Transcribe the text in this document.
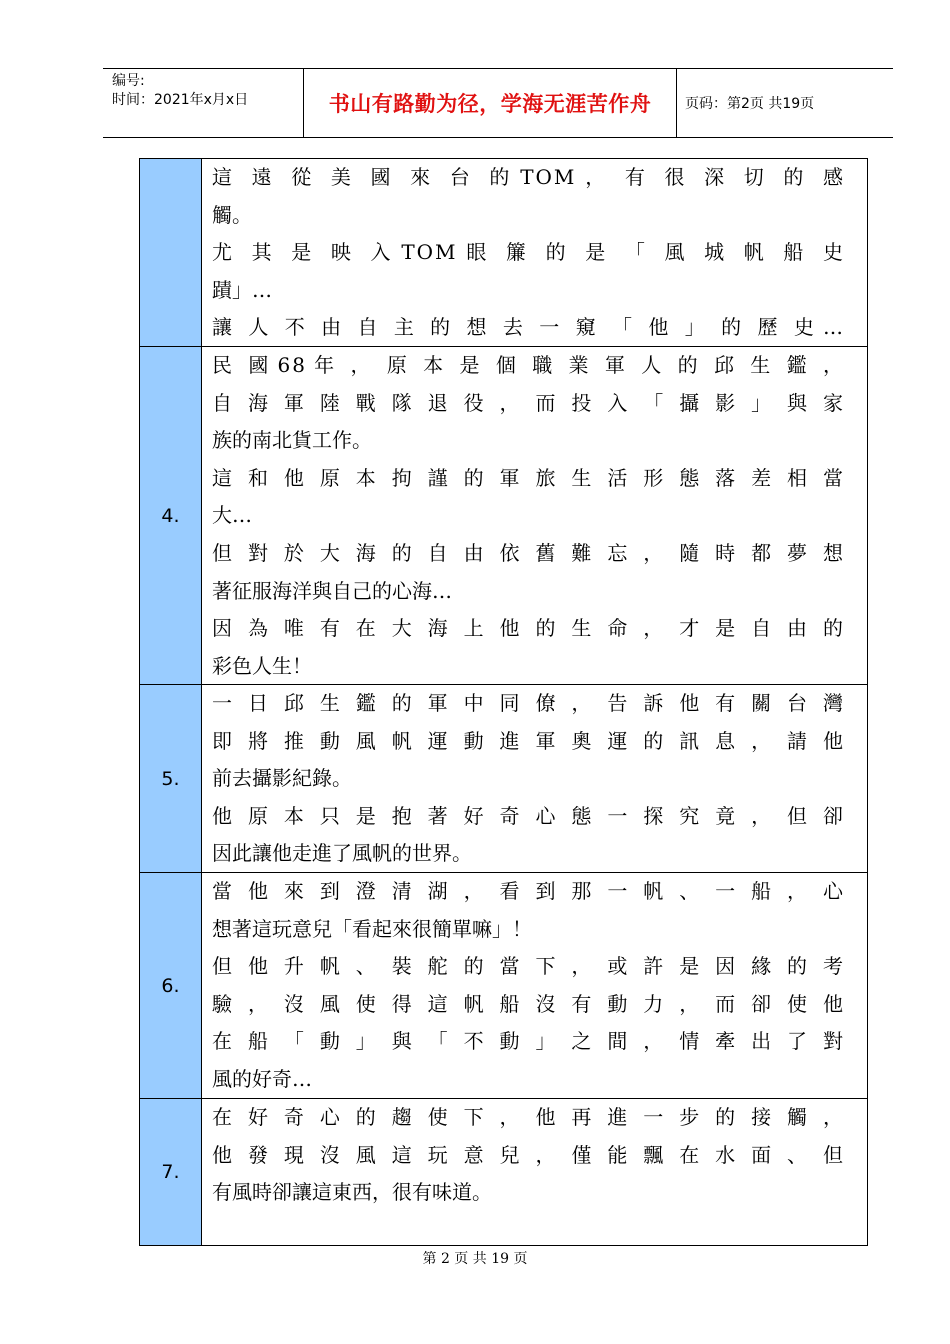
编号:
时间：2021年x月x日	书山有路勤为径，学海无涯苦作舟	页码：第2页 共19页
這 遠 從 美 國 來 台 的 T O M ， 有 很 深 切 的 感
觸。
尤 其 是 映 入 T O M 眼 簾 的 是 「 風 城 帆 船 史
蹟」…
讓 人 不 由 自 主 的 想 去 一 窺 「 他 」 的 歷 史 …
4.
民 國 6 8 年 ， 原 本 是 個 職 業 軍 人 的 邱 生 鑑 ，
自 海 軍 陸 戰 隊 退 役 ， 而 投 入 「 攝 影 」 與 家
族的南北貨工作。
這 和 他 原 本 拘 謹 的 軍 旅 生 活 形 態 落 差 相 當
大…
但 對 於 大 海 的 自 由 依 舊 難 忘 ， 隨 時 都 夢 想
著征服海洋與自己的心海…
因 為 唯 有 在 大 海 上 他 的 生 命 ， 才 是 自 由 的
彩色人生！
5.
一 日 邱 生 鑑 的 軍 中 同 僚 ， 告 訴 他 有 關 台 灣
即 將 推 動 風 帆 運 動 進 軍 奧 運 的 訊 息 ， 請 他
前去攝影紀錄。
他 原 本 只 是 抱 著 好 奇 心 態 一 探 究 竟 ， 但 卻
因此讓他走進了風帆的世界。
6.
當 他 來 到 澄 清 湖 ， 看 到 那 一 帆 、 一 船 ， 心
想著這玩意兒「看起來很簡單嘛」！
但 他 升 帆 、 裝 舵 的 當 下 ， 或 許 是 因 緣 的 考
驗 ， 沒 風 使 得 這 帆 船 沒 有 動 力 ， 而 卻 使 他
在 船 「 動 」 與 「 不 動 」 之 間 ， 情 牽 出 了 對
風的好奇…
7.
在 好 奇 心 的 趨 使 下 ， 他 再 進 一 步 的 接 觸 ，
他 發 現 沒 風 這 玩 意 兒 ， 僅 能 飄 在 水 面 、 但
有風時卻讓這東西，很有味道。
第 2 页 共 19 页
